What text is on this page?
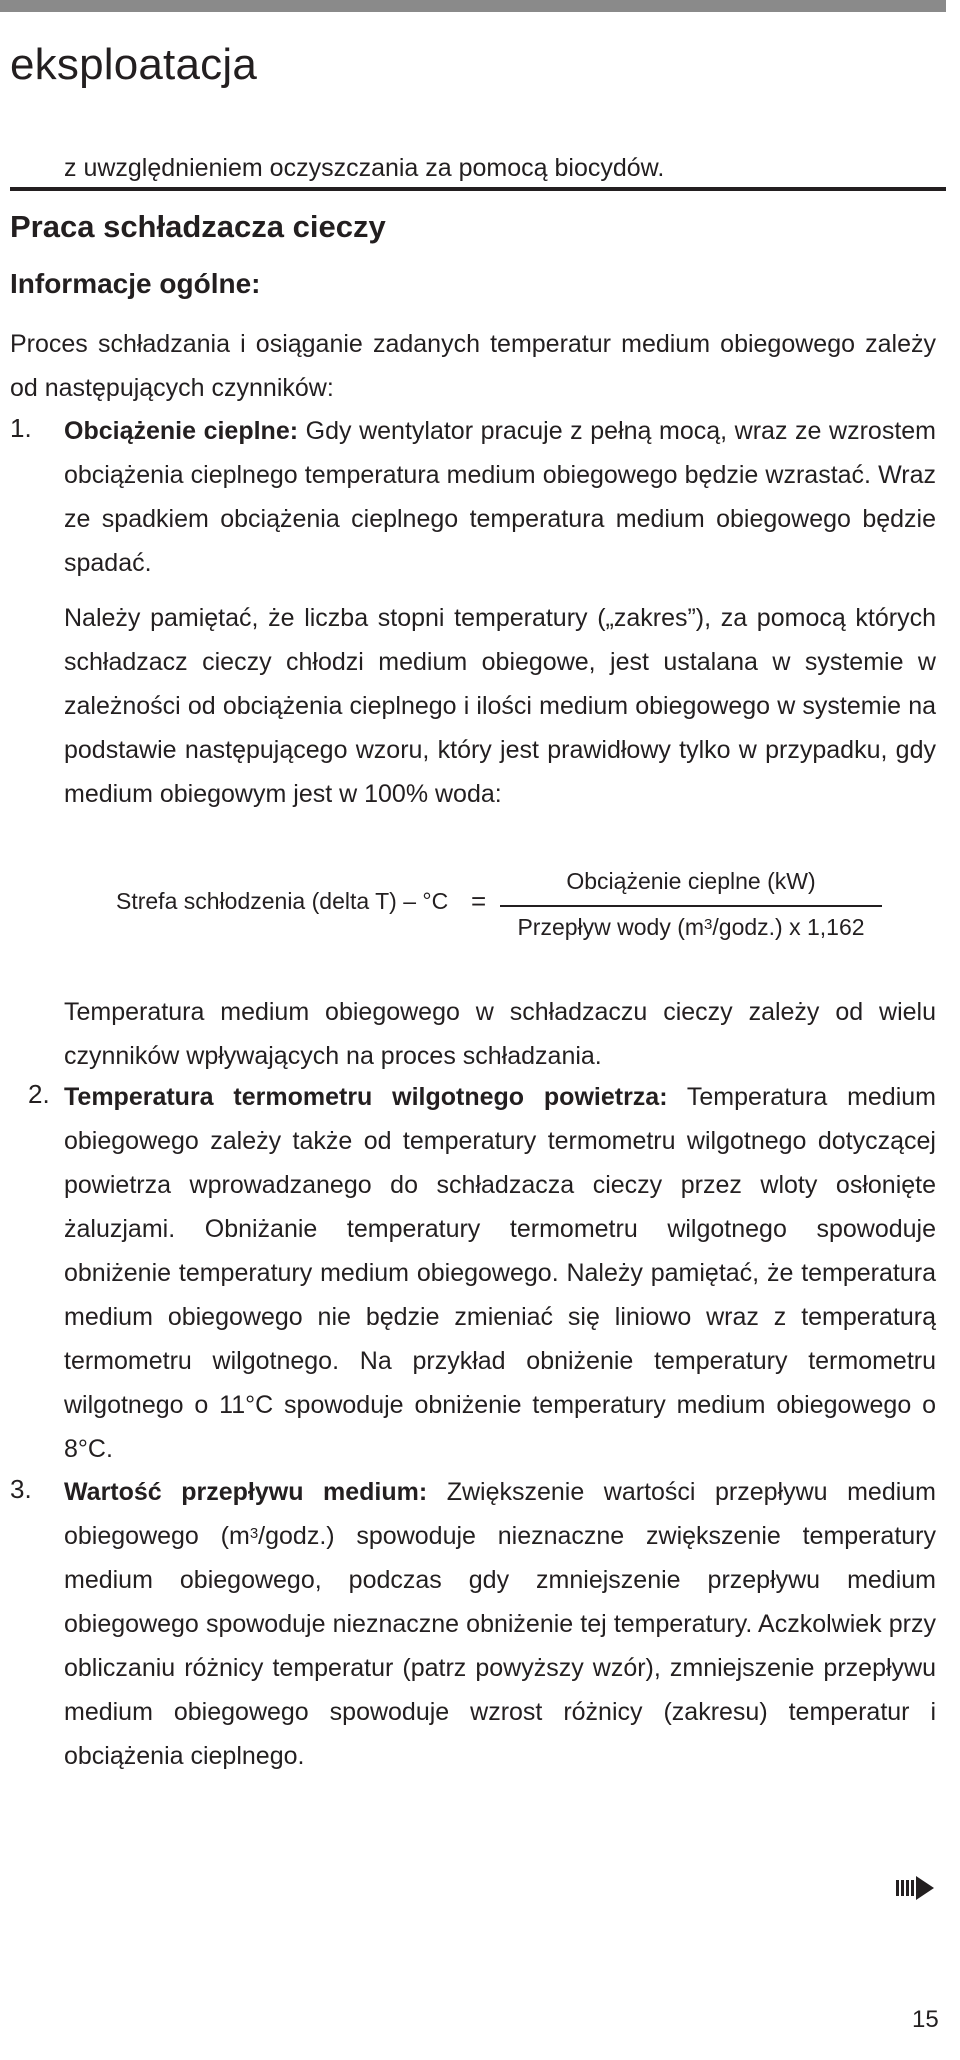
eksploatacja

z uwzględnieniem oczyszczania za pomocą biocydów.

Praca schładzacza cieczy
Informacje ogólne:

Proces schładzania i osiąganie zadanych temperatur medium obiegowego zależy od następujących czynników:

1. Obciążenie cieplne: Gdy wentylator pracuje z pełną mocą, wraz ze wzrostem obciążenia cieplnego temperatura medium obiegowego będzie wzrastać. Wraz ze spadkiem obciążenia cieplnego temperatura medium obiegowego będzie spadać.

Należy pamiętać, że liczba stopni temperatury („zakres”), za pomocą których schładzacz cieczy chłodzi medium obiegowe, jest ustalana w systemie w zależności od obciążenia cieplnego i ilości medium obiegowego w systemie na podstawie następującego wzoru, który jest prawidłowy tylko w przypadku, gdy medium obiegowym jest w 100% woda:

Strefa schłodzenia (delta T) – °C =
Obciążenie cieplne (kW)
Przepływ wody $(m^3/godz.)$ x 1,162

Temperatura medium obiegowego w schładzaczu cieczy zależy od wielu czynników wpływających na proces schładzania.

2. Temperatura termometru wilgotnego powietrza: Temperatura medium obiegowego zależy także od temperatury termometru wilgotnego dotyczącej powietrza wprowadzanego do schładzacza cieczy przez wloty osłonięte żaluzjami. Obniżanie temperatury termometru wilgotnego spowoduje obniżenie temperatury medium obiegowego. Należy pamiętać, że temperatura medium obiegowego nie będzie zmieniać się liniowo wraz z temperaturą termometru wilgotnego. Na przykład obniżenie temperatury termometru wilgotnego o 11°C spowoduje obniżenie temperatury medium obiegowego o 8°C.

3. Wartość przepływu medium: Zwiększenie wartości przepływu medium obiegowego $(m^3/godz.)$ spowoduje nieznaczne zwiększenie temperatury medium obiegowego, podczas gdy zmniejszenie przepływu medium obiegowego spowoduje nieznaczne obniżenie tej temperatury. Aczkolwiek przy obliczaniu różnicy temperatur (patrz powyższy wzór), zmniejszenie przepływu medium obiegowego spowoduje wzrost różnicy (zakresu) temperatur i obciążenia cieplnego.

15
